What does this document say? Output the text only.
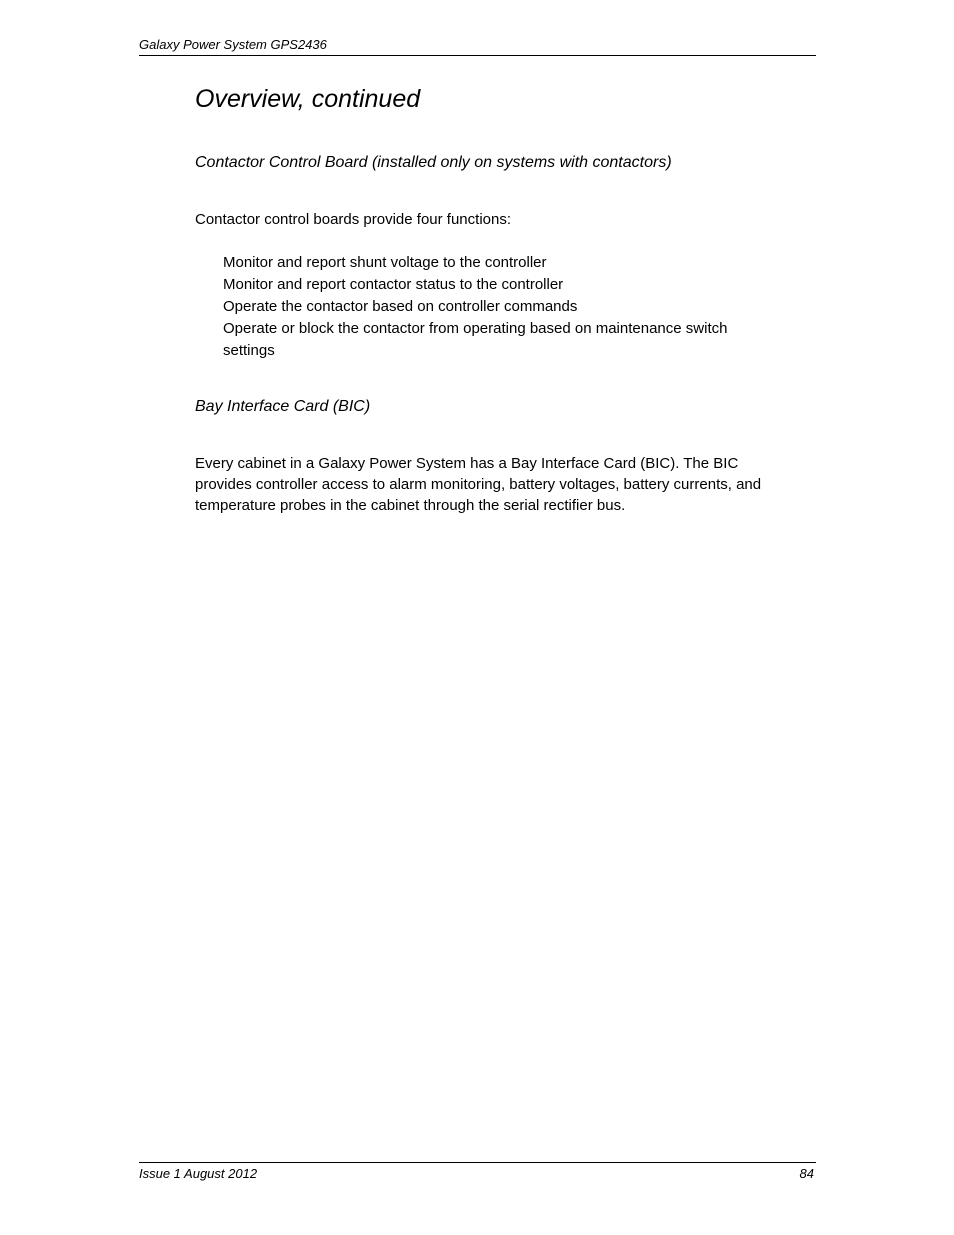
Galaxy Power System GPS2436
Overview, continued
Contactor Control Board (installed only on systems with contactors)

Contactor control boards provide four functions:

Monitor and report shunt voltage to the controller
Monitor and report contactor status to the controller
Operate the contactor based on controller commands
Operate or block the contactor from operating based on maintenance switch settings
Bay Interface Card (BIC)

Every cabinet in a Galaxy Power System has a Bay Interface Card (BIC). The BIC provides controller access to alarm monitoring, battery voltages, battery currents, and temperature probes in the cabinet through the serial rectifier bus.

Issue 1 August 2012	84
